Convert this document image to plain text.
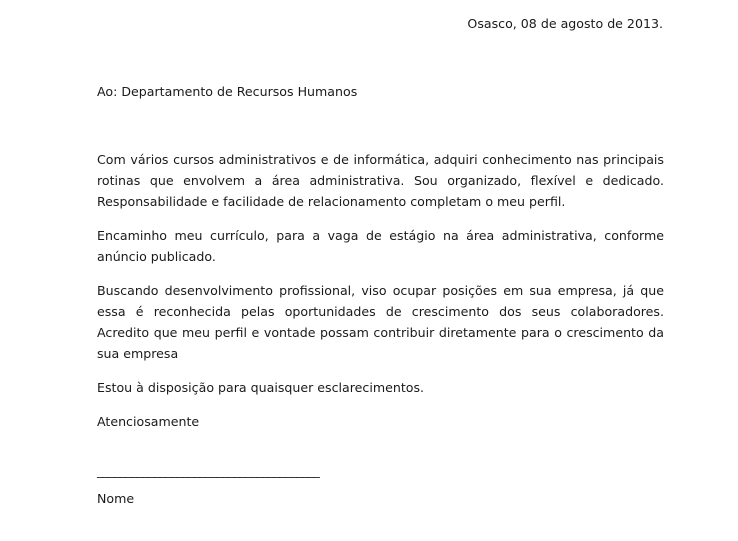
Osasco, 08 de agosto de 2013.
Ao: Departamento de Recursos Humanos

Com vários cursos administrativos e de informática, adquiri conhecimento nas principais rotinas que envolvem a área administrativa. Sou organizado, flexível e dedicado. Responsabilidade e facilidade de relacionamento completam o meu perfil.

Encaminho meu currículo, para a vaga de estágio na área administrativa, conforme anúncio publicado.

Buscando desenvolvimento profissional, viso ocupar posições em sua empresa, já que essa é reconhecida pelas oportunidades de crescimento dos seus colaboradores. Acredito que meu perfil e vontade possam contribuir diretamente para o crescimento da sua empresa

Estou à disposição para quaisquer esclarecimentos.

Atenciosamente

_______________________________________
Nome
